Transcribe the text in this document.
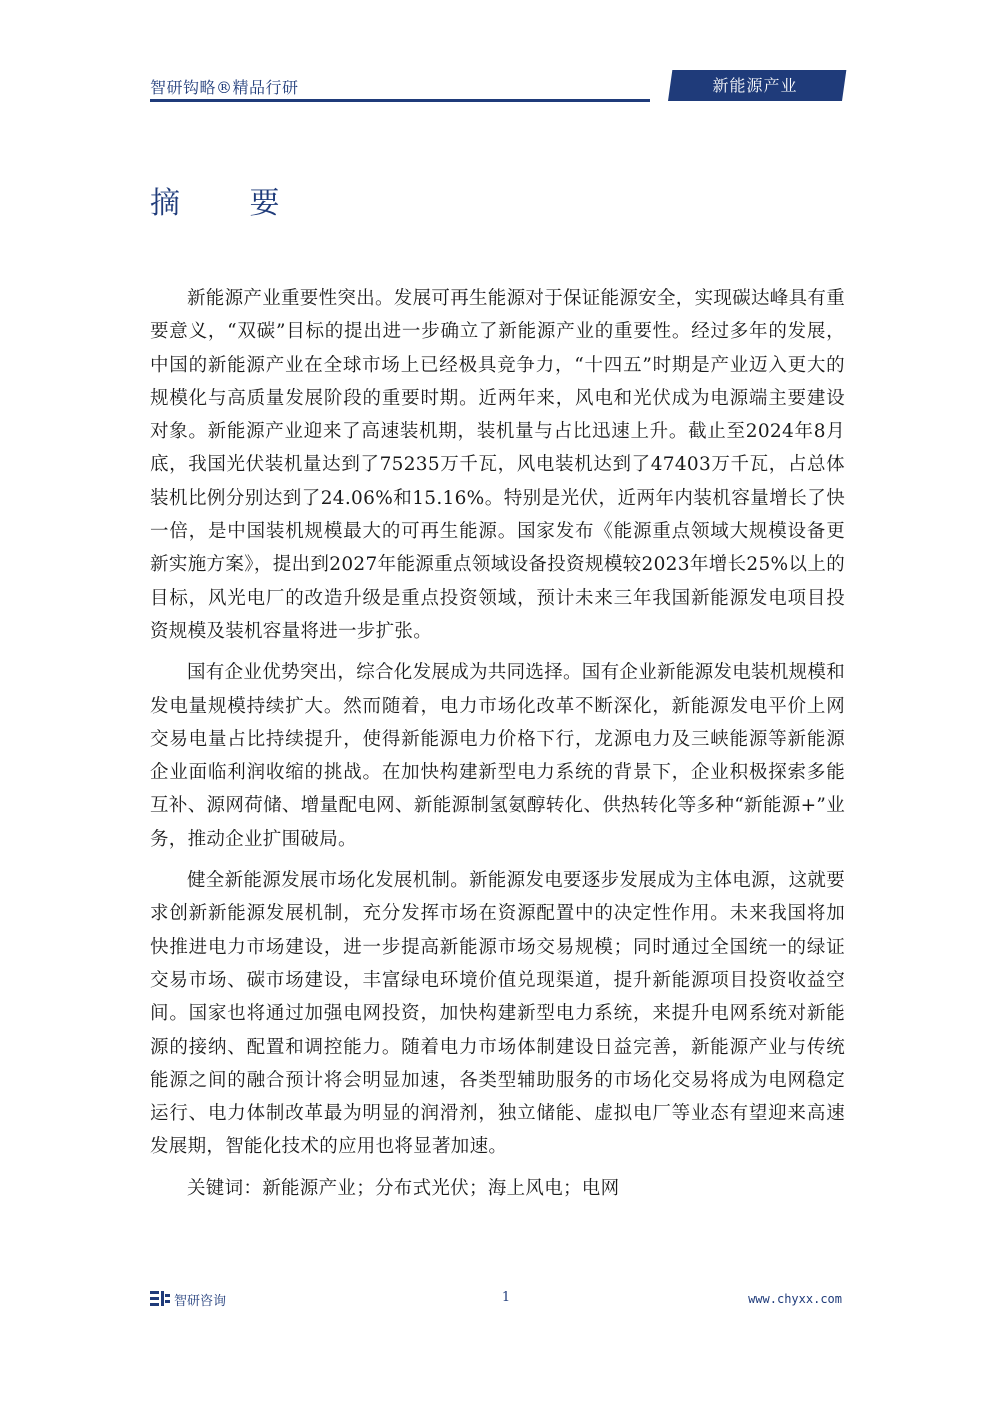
智研钩略®精品行研	新能源产业
摘 要

新能源产业重要性突出。发展可再生能源对于保证能源安全，实现碳达峰具有重要意义，“双碳”目标的提出进一步确立了新能源产业的重要性。经过多年的发展，中国的新能源产业在全球市场上已经极具竞争力，“十四五”时期是产业迈入更大的规模化与高质量发展阶段的重要时期。近两年来，风电和光伏成为电源端主要建设对象。新能源产业迎来了高速装机期，装机量与占比迅速上升。截止至2024年8月底，我国光伏装机量达到了75235万千瓦，风电装机达到了47403万千瓦，占总体装机比例分别达到了24.06%和15.16%。特别是光伏，近两年内装机容量增长了快一倍，是中国装机规模最大的可再生能源。国家发布《能源重点领域大规模设备更新实施方案》，提出到2027年能源重点领域设备投资规模较2023年增长25%以上的目标，风光电厂的改造升级是重点投资领域，预计未来三年我国新能源发电项目投资规模及装机容量将进一步扩张。

国有企业优势突出，综合化发展成为共同选择。国有企业新能源发电装机规模和发电量规模持续扩大。然而随着，电力市场化改革不断深化，新能源发电平价上网交易电量占比持续提升，使得新能源电力价格下行，龙源电力及三峡能源等新能源企业面临利润收缩的挑战。在加快构建新型电力系统的背景下，企业积极探索多能互补、源网荷储、增量配电网、新能源制氢氨醇转化、供热转化等多种“新能源+”业务，推动企业扩围破局。

健全新能源发展市场化发展机制。新能源发电要逐步发展成为主体电源，这就要求创新新能源发展机制，充分发挥市场在资源配置中的决定性作用。未来我国将加快推进电力市场建设，进一步提高新能源市场交易规模；同时通过全国统一的绿证交易市场、碳市场建设，丰富绿电环境价值兑现渠道，提升新能源项目投资收益空间。国家也将通过加强电网投资，加快构建新型电力系统，来提升电网系统对新能源的接纳、配置和调控能力。随着电力市场体制建设日益完善，新能源产业与传统能源之间的融合预计将会明显加速，各类型辅助服务的市场化交易将成为电网稳定运行、电力体制改革最为明显的润滑剂，独立储能、虚拟电厂等业态有望迎来高速发展期，智能化技术的应用也将显著加速。

关键词：新能源产业；分布式光伏；海上风电；电网

智研咨询	1	www.chyxx.com
